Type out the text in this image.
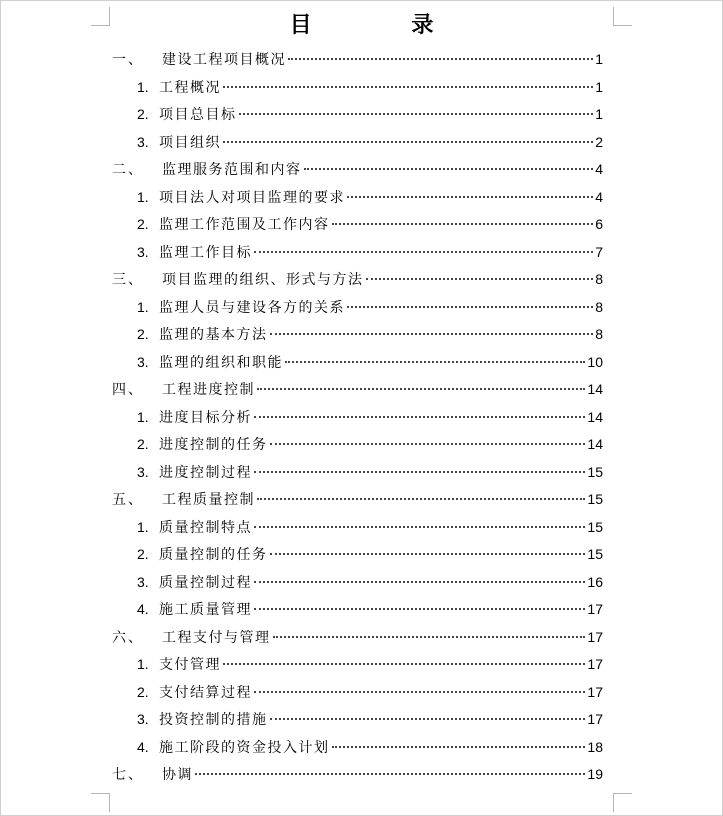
目 录
一、	建设工程项目概况	1
1. 工程概况	1
2. 项目总目标	1
3. 项目组织	2
二、	监理服务范围和内容	4
1. 项目法人对项目监理的要求	4
2. 监理工作范围及工作内容	6
3. 监理工作目标	7
三、	项目监理的组织、形式与方法	8
1. 监理人员与建设各方的关系	8
2. 监理的基本方法	8
3. 监理的组织和职能	10
四、	工程进度控制	14
1. 进度目标分析	14
2. 进度控制的任务	14
3. 进度控制过程	15
五、	工程质量控制	15
1. 质量控制特点	15
2. 质量控制的任务	15
3. 质量控制过程	16
4. 施工质量管理	17
六、	工程支付与管理	17
1. 支付管理	17
2. 支付结算过程	17
3. 投资控制的措施	17
4. 施工阶段的资金投入计划	18
七、	协调	19
